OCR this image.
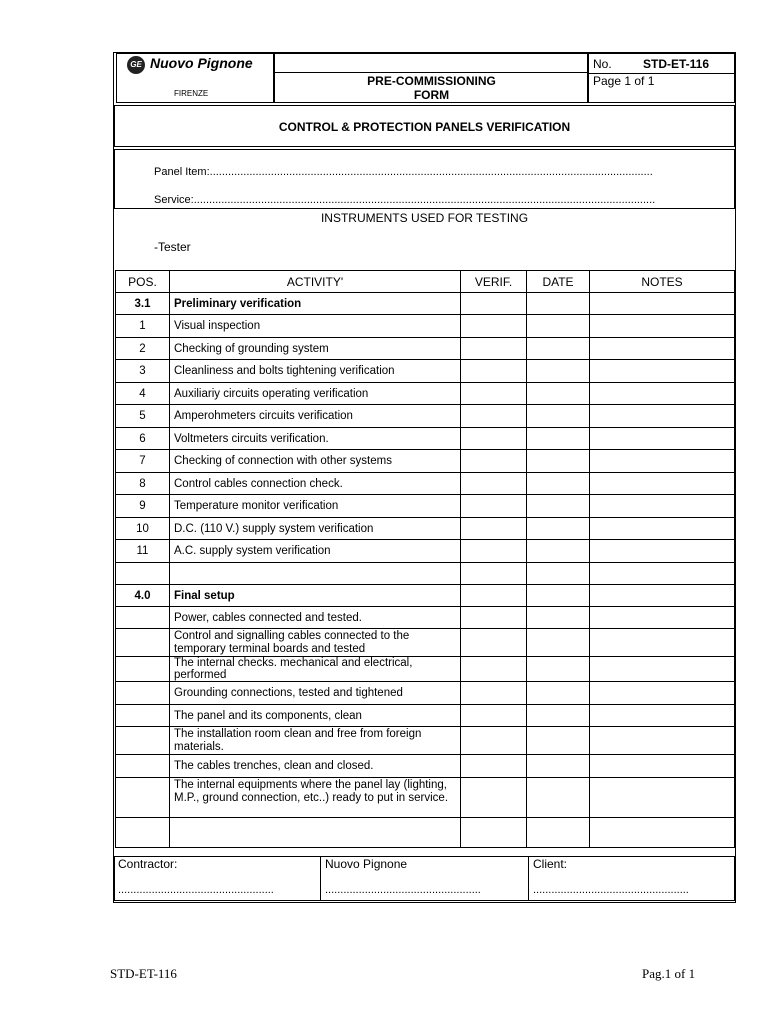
GE Nuovo Pignone
FIRENZE
PRE-COMMISSIONING
FORM
No.	STD-ET-116
Page 1 of 1
CONTROL & PROTECTION PANELS VERIFICATION
Panel Item:.................................................................................................................................................
Service:.......................................................................................................................................................
INSTRUMENTS USED FOR TESTING
-Tester
POS.	ACTIVITY'	VERIF.	DATE	NOTES
3.1	Preliminary verification			
1	Visual inspection			
2	Checking of grounding system			
3	Cleanliness and bolts tightening verification			
4	Auxiliariy circuits operating verification			
5	Amperohmeters circuits verification			
6	Voltmeters circuits verification.			
7	Checking of connection with other systems			
8	Control cables connection check.			
9	Temperature monitor verification			
10	D.C. (110 V.) supply system verification			
11	A.C. supply system verification			

4.0	Final setup			
	Power, cables connected and tested.			
	Control and signalling cables connected to the temporary terminal boards and tested			
	The internal checks. mechanical and electrical, performed			
	Grounding connections, tested and tightened			
	The panel and its components, clean			
	The installation room clean and free from foreign materials.			
	The cables trenches, clean and closed.			
	The internal equipments where the panel lay (lighting, M.P., ground connection, etc..) ready to put in service.			

Contractor:
...................................................
Nuovo Pignone
...................................................
Client:
...................................................
STD-ET-116	Pag.1 of 1
